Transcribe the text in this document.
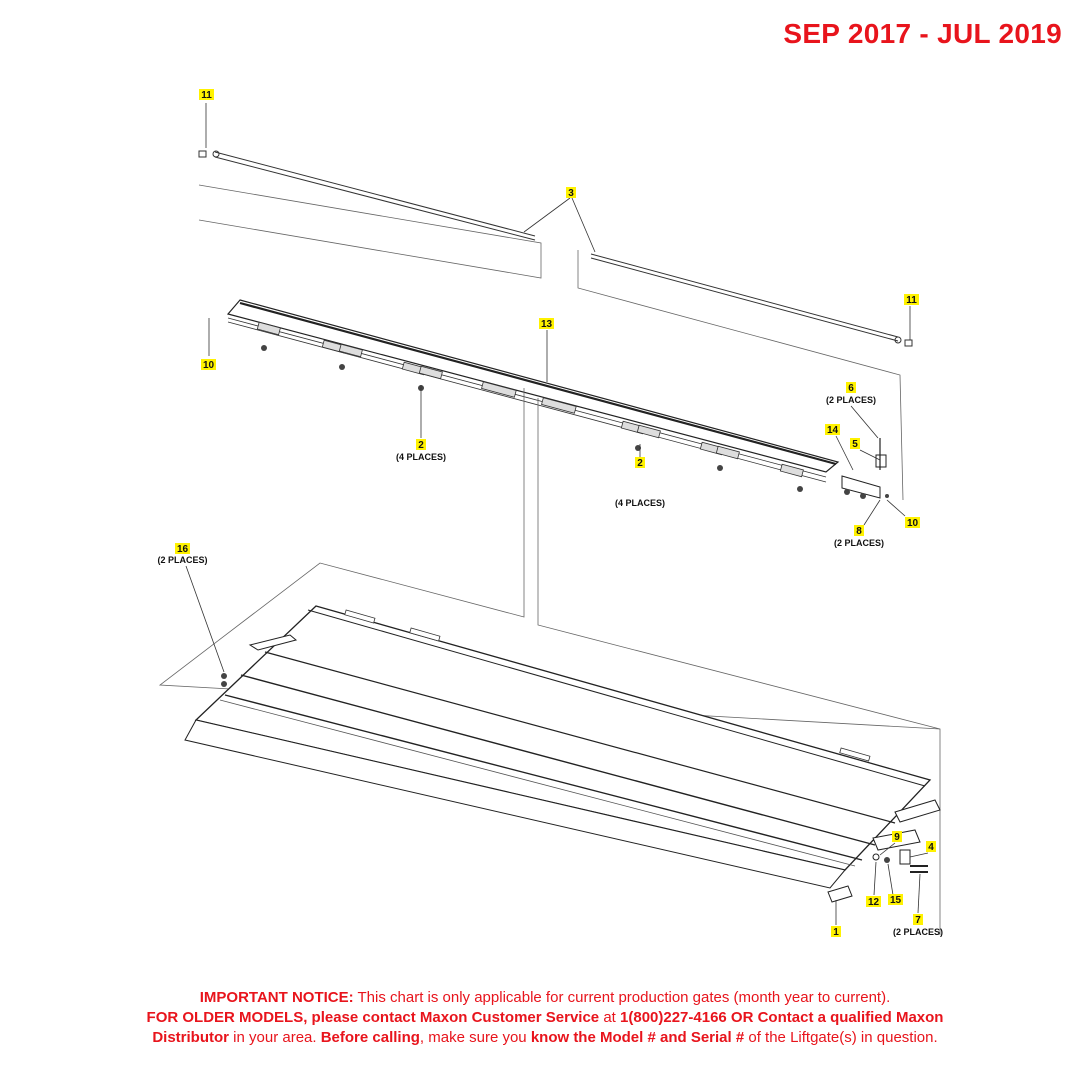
SEP 2017 - JUL 2019
11
3
11
13
10
6
(2 PLACES)
14
5
2
(4 PLACES)
2
(4 PLACES)
10
8
(2 PLACES)
16
(2 PLACES)
9
4
12 15
7
(2 PLACES)
1
IMPORTANT NOTICE: This chart is only applicable for current production gates (month year to current).
FOR OLDER MODELS, please contact Maxon Customer Service at 1(800)227-4166 OR Contact a qualified Maxon
Distributor in your area. Before calling, make sure you know the Model # and Serial # of the Liftgate(s) in question.
